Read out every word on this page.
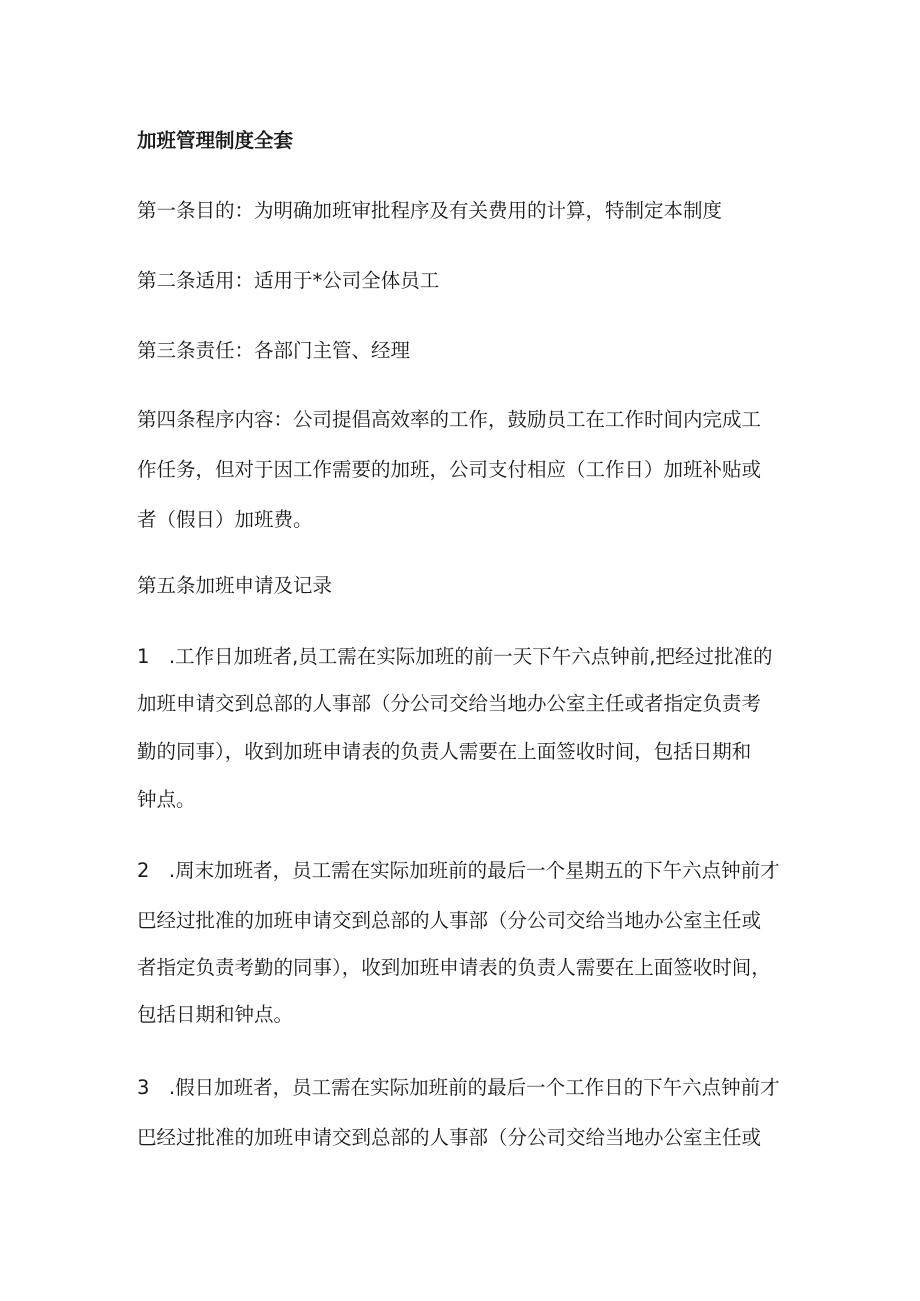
加班管理制度全套
第一条目的：为明确加班审批程序及有关费用的计算，特制定本制度
第二条适用：适用于*公司全体员工
第三条责任：各部门主管、经理
第四条程序内容：公司提倡高效率的工作，鼓励员工在工作时间内完成工
作任务，但对于因工作需要的加班，公司支付相应（工作日）加班补贴或
者（假日）加班费。
第五条加班申请及记录
1　.工作日加班者,员工需在实际加班的前一天下午六点钟前,把经过批准的
加班申请交到总部的人事部（分公司交给当地办公室主任或者指定负责考
勤的同事），收到加班申请表的负责人需要在上面签收时间，包括日期和
钟点。
2　.周末加班者，员工需在实际加班前的最后一个星期五的下午六点钟前才
巴经过批准的加班申请交到总部的人事部（分公司交给当地办公室主任或
者指定负责考勤的同事），收到加班申请表的负责人需要在上面签收时间，
包括日期和钟点。
3　.假日加班者，员工需在实际加班前的最后一个工作日的下午六点钟前才
巴经过批准的加班申请交到总部的人事部（分公司交给当地办公室主任或
